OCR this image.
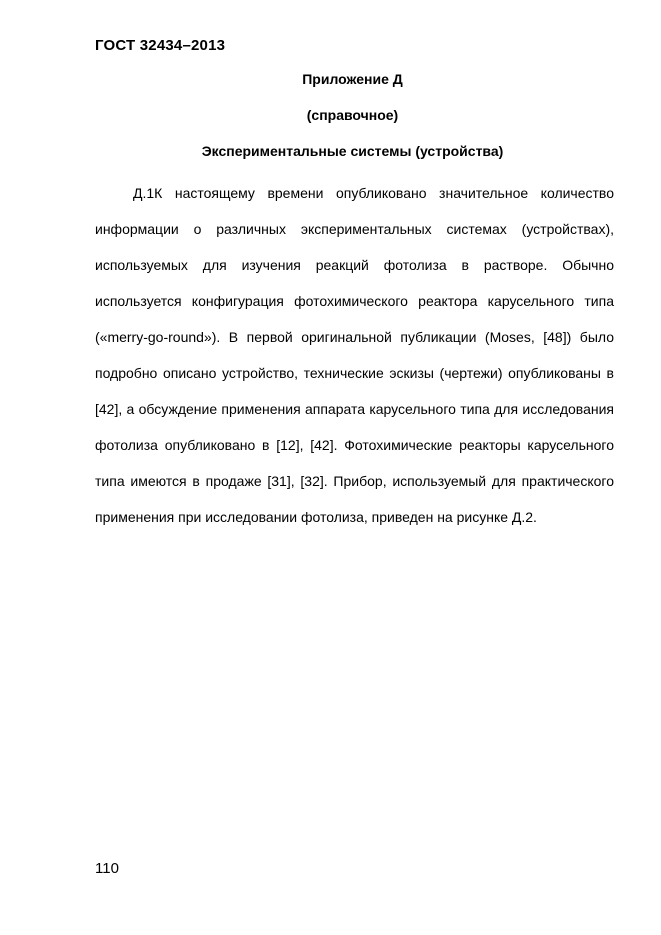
ГОСТ 32434–2013
Приложение Д
(справочное)
Экспериментальные системы (устройства)

Д.1К настоящему времени опубликовано значительное количество информации о различных экспериментальных системах (устройствах), используемых для изучения реакций фотолиза в растворе. Обычно используется конфигурация фотохимического реактора карусельного типа («merry-go-round»). В первой оригинальной публикации (Moses, [48]) было подробно описано устройство, технические эскизы (чертежи) опубликованы в [42], а обсуждение применения аппарата карусельного типа для исследования фотолиза опубликовано в [12], [42]. Фотохимические реакторы карусельного типа имеются в продаже [31], [32]. Прибор, используемый для практического применения при исследовании фотолиза, приведен на рисунке Д.2.

110
